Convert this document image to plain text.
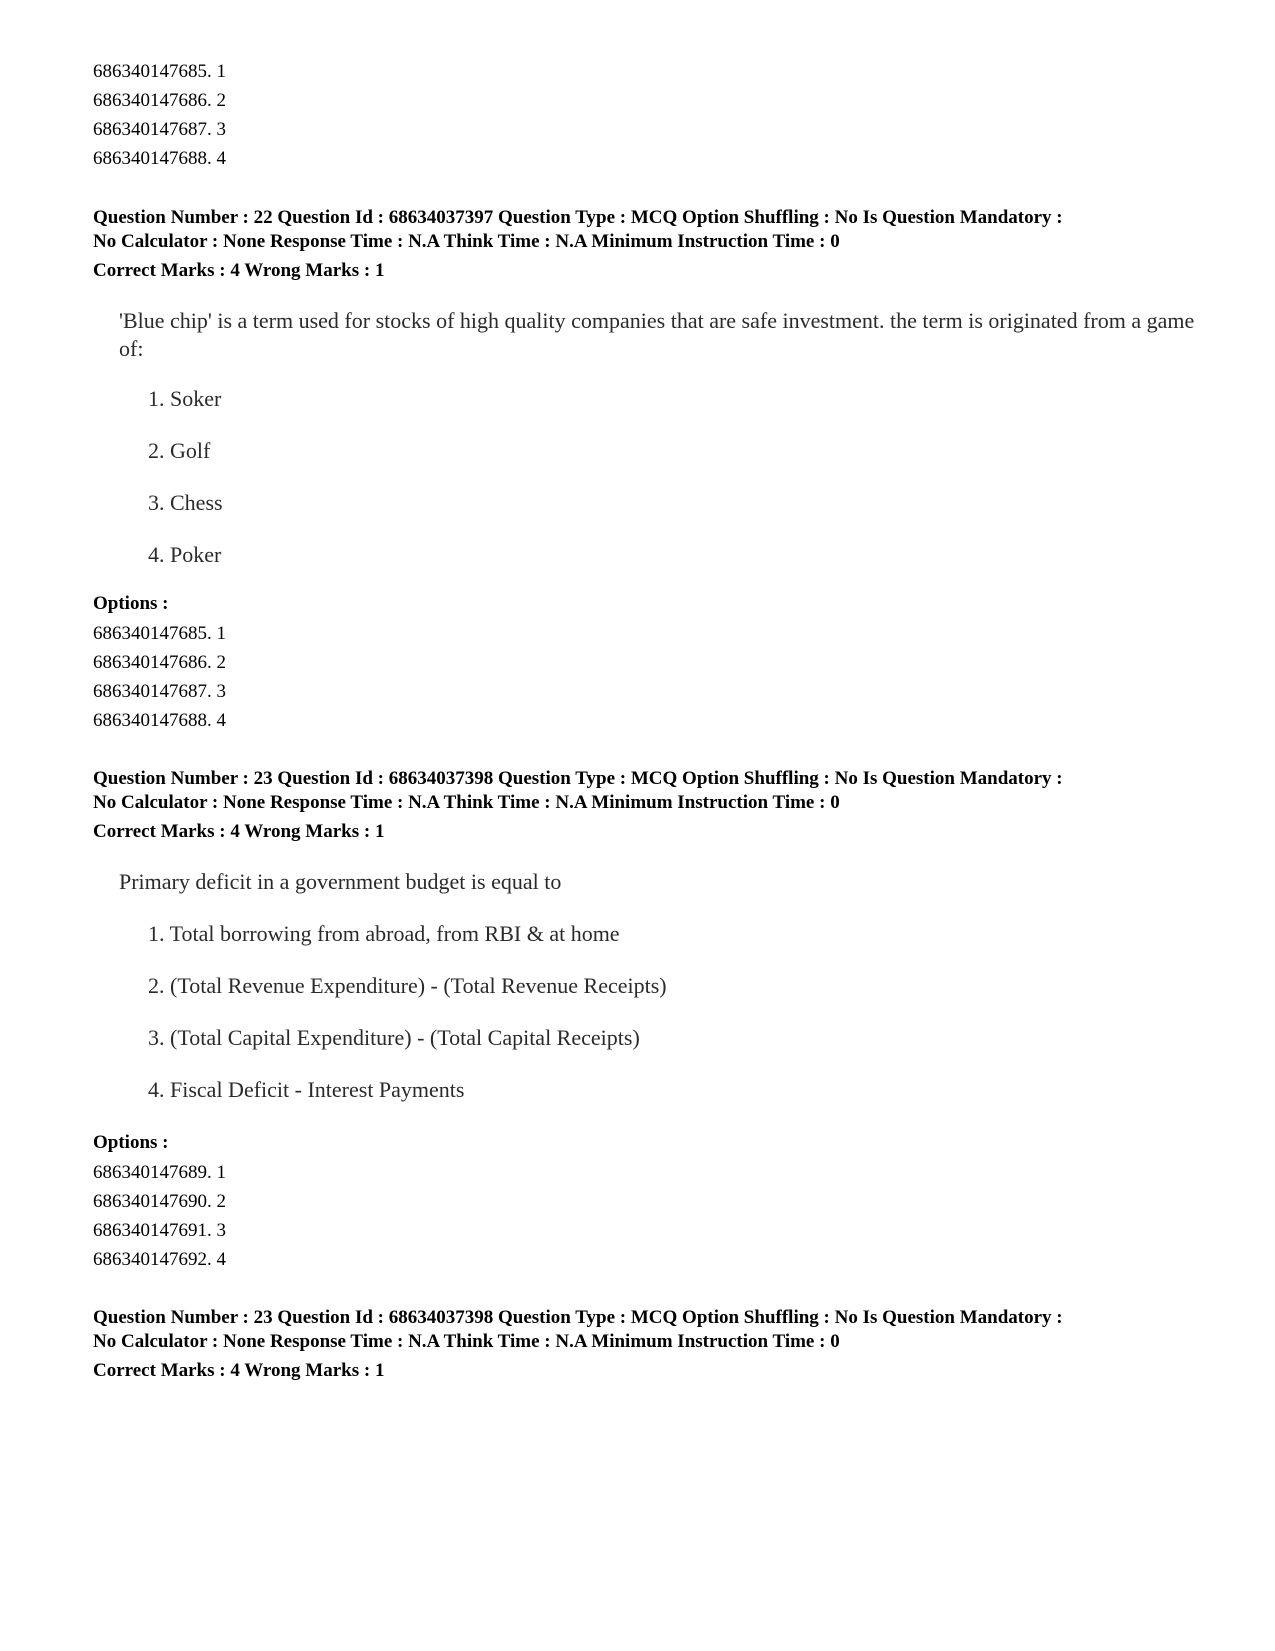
686340147685. 1
686340147686. 2
686340147687. 3
686340147688. 4
Question Number : 22 Question Id : 68634037397 Question Type : MCQ Option Shuffling : No Is Question Mandatory :
No Calculator : None Response Time : N.A Think Time : N.A Minimum Instruction Time : 0
Correct Marks : 4 Wrong Marks : 1
'Blue chip' is a term used for stocks of high quality companies that are safe investment. the term is originated from a game of:
1. Soker
2. Golf
3. Chess
4. Poker
Options :
686340147685. 1
686340147686. 2
686340147687. 3
686340147688. 4
Question Number : 23 Question Id : 68634037398 Question Type : MCQ Option Shuffling : No Is Question Mandatory :
No Calculator : None Response Time : N.A Think Time : N.A Minimum Instruction Time : 0
Correct Marks : 4 Wrong Marks : 1
Primary deficit in a government budget is equal to
1. Total borrowing from abroad, from RBI & at home
2. (Total Revenue Expenditure) - (Total Revenue Receipts)
3. (Total Capital Expenditure) - (Total Capital Receipts)
4. Fiscal Deficit - Interest Payments
Options :
686340147689. 1
686340147690. 2
686340147691. 3
686340147692. 4
Question Number : 23 Question Id : 68634037398 Question Type : MCQ Option Shuffling : No Is Question Mandatory :
No Calculator : None Response Time : N.A Think Time : N.A Minimum Instruction Time : 0
Correct Marks : 4 Wrong Marks : 1
